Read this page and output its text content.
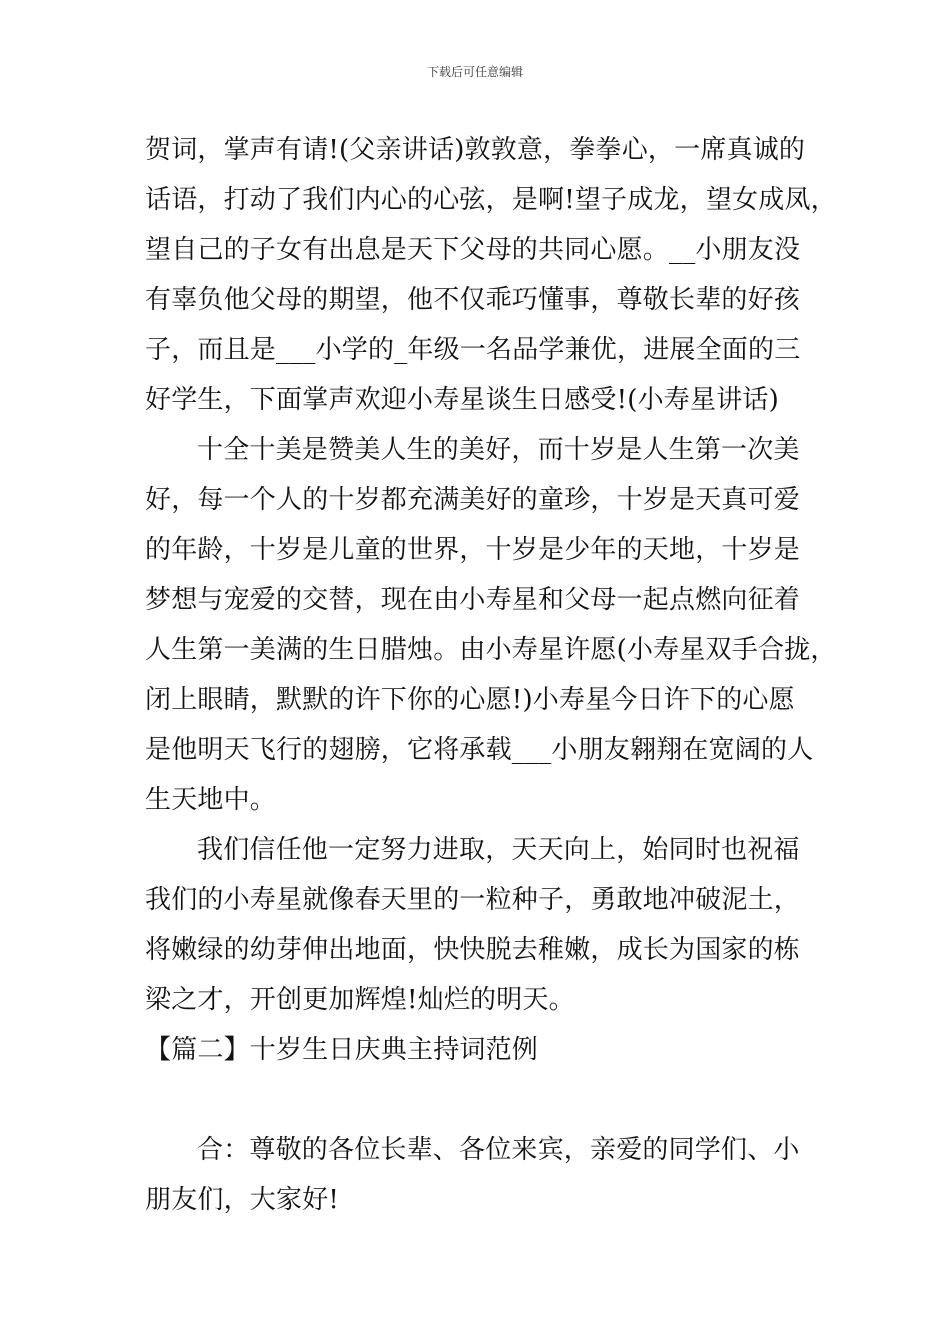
下载后可任意编辑
贺词，掌声有请!(父亲讲话)敦敦意，拳拳心，一席真诚的
话语，打动了我们内心的心弦，是啊!望子成龙，望女成凤，
望自己的子女有出息是天下父母的共同心愿。__小朋友没
有辜负他父母的期望，他不仅乖巧懂事，尊敬长辈的好孩
子，而且是___小学的_年级一名品学兼优，进展全面的三
好学生，下面掌声欢迎小寿星谈生日感受!(小寿星讲话)
十全十美是赞美人生的美好，而十岁是人生第一次美
好，每一个人的十岁都充满美好的童珍，十岁是天真可爱
的年龄，十岁是儿童的世界，十岁是少年的天地，十岁是
梦想与宠爱的交替，现在由小寿星和父母一起点燃向征着
人生第一美满的生日腊烛。由小寿星许愿(小寿星双手合拢，
闭上眼睛，默默的许下你的心愿!)小寿星今日许下的心愿
是他明天飞行的翅膀，它将承载___小朋友翱翔在宽阔的人
生天地中。
我们信任他一定努力进取，天天向上，始同时也祝福
我们的小寿星就像春天里的一粒种子，勇敢地冲破泥土，
将嫩绿的幼芽伸出地面，快快脱去稚嫩，成长为国家的栋
梁之才，开创更加辉煌!灿烂的明天。
【篇二】十岁生日庆典主持词范例
合：尊敬的各位长辈、各位来宾，亲爱的同学们、小
朋友们，大家好!
